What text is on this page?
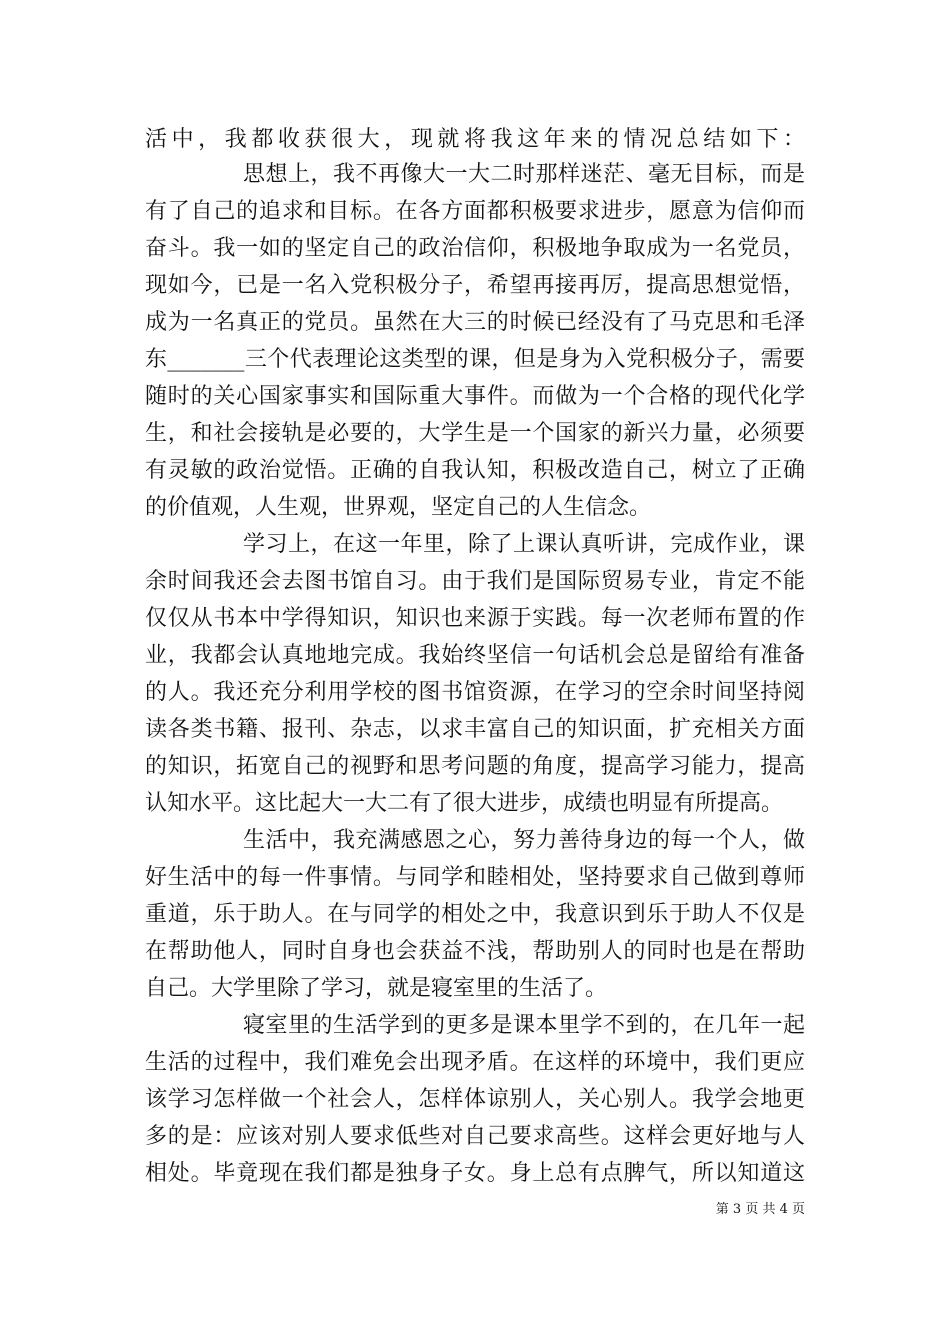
活中，我都收获很大，现就将我这年来的情况总结如下：
思想上，我不再像大一大二时那样迷茫、毫无目标，而是
有了自己的追求和目标。在各方面都积极要求进步，愿意为信仰而
奋斗。我一如的坚定自己的政治信仰，积极地争取成为一名党员，
现如今，已是一名入党积极分子，希望再接再厉，提高思想觉悟，
成为一名真正的党员。虽然在大三的时候已经没有了马克思和毛泽
东_______三个代表理论这类型的课，但是身为入党积极分子，需要
随时的关心国家事实和国际重大事件。而做为一个合格的现代化学
生，和社会接轨是必要的，大学生是一个国家的新兴力量，必须要
有灵敏的政治觉悟。正确的自我认知，积极改造自己，树立了正确
的价值观，人生观，世界观，坚定自己的人生信念。
学习上，在这一年里，除了上课认真听讲，完成作业，课
余时间我还会去图书馆自习。由于我们是国际贸易专业，肯定不能
仅仅从书本中学得知识，知识也来源于实践。每一次老师布置的作
业，我都会认真地地完成。我始终坚信一句话机会总是留给有准备
的人。我还充分利用学校的图书馆资源，在学习的空余时间坚持阅
读各类书籍、报刊、杂志，以求丰富自己的知识面，扩充相关方面
的知识，拓宽自己的视野和思考问题的角度，提高学习能力，提高
认知水平。这比起大一大二有了很大进步，成绩也明显有所提高。
生活中，我充满感恩之心，努力善待身边的每一个人，做
好生活中的每一件事情。与同学和睦相处，坚持要求自己做到尊师
重道，乐于助人。在与同学的相处之中，我意识到乐于助人不仅是
在帮助他人，同时自身也会获益不浅，帮助别人的同时也是在帮助
自己。大学里除了学习，就是寝室里的生活了。
寝室里的生活学到的更多是课本里学不到的，在几年一起
生活的过程中，我们难免会出现矛盾。在这样的环境中，我们更应
该学习怎样做一个社会人，怎样体谅别人，关心别人。我学会地更
多的是：应该对别人要求低些对自己要求高些。这样会更好地与人
相处。毕竟现在我们都是独身子女。身上总有点脾气，所以知道这
第 3 页 共 4 页
